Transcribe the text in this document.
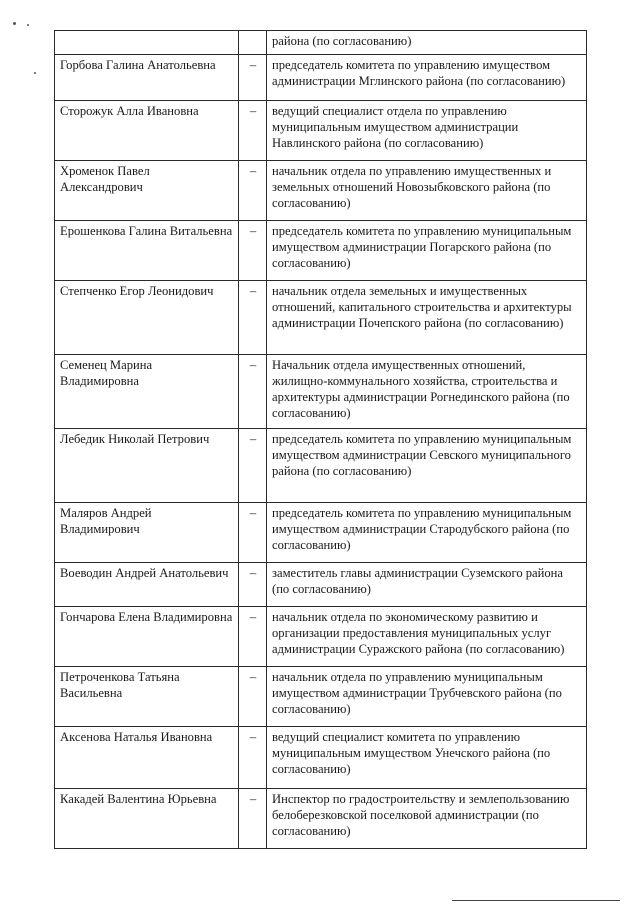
		района (по согласованию)
Горбова Галина Анатольевна	–	председатель комитета по управлению имуществом администрации Мглинского района (по согласованию)
Сторожук Алла Ивановна	–	ведущий специалист отдела по управлению муниципальным имуществом администрации Навлинского района (по согласованию)
Хроменок Павел Александрович	–	начальник отдела по управлению имущественных и земельных отношений Новозыбковского района (по согласованию)
Ерошенкова Галина Витальевна	–	председатель комитета по управлению муниципальным имуществом администрации Погарского района (по согласованию)
Степченко Егор Леонидович	–	начальник отдела земельных и имущественных отношений, капитального строительства и архитектуры администрации Почепского района (по согласованию)
Семенец Марина Владимировна	–	Начальник отдела имущественных отношений, жилищно-коммунального хозяйства, строительства и архитектуры администрации Рогнединского района (по согласованию)
Лебедик Николай Петрович	–	председатель комитета по управлению муниципальным имуществом администрации Севского муниципального района (по согласованию)
Маляров Андрей Владимирович	–	председатель комитета по управлению муниципальным имуществом администрации Стародубского района (по согласованию)
Воеводин Андрей Анатольевич	–	заместитель главы администрации Суземского района (по согласованию)
Гончарова Елена Владимировна	–	начальник отдела по экономическому развитию и организации предоставления муниципальных услуг администрации Суражского района (по согласованию)
Петроченкова Татьяна Васильевна	–	начальник отдела по управлению муниципальным имуществом администрации Трубчевского района (по согласованию)
Аксенова Наталья Ивановна	–	ведущий специалист комитета по управлению муниципальным имуществом Унечского района (по согласованию)
Какадей Валентина Юрьевна	–	Инспектор по градостроительству и землепользованию белоберезковской поселковой администрации (по согласованию)
